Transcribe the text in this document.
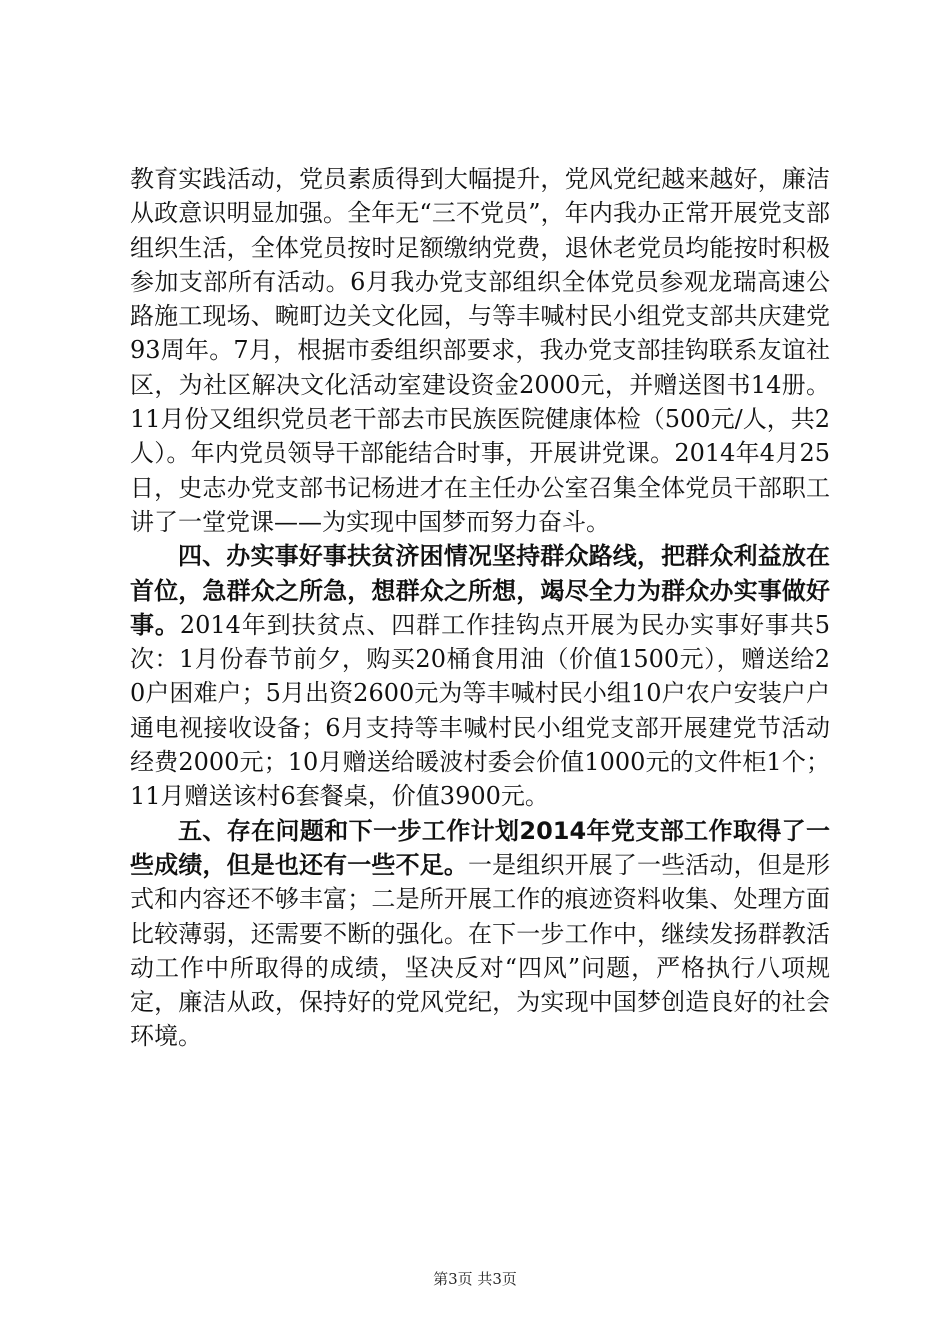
教育实践活动，党员素质得到大幅提升，党风党纪越来越好，廉洁从政意识明显加强。全年无“三不党员”，年内我办正常开展党支部组织生活，全体党员按时足额缴纳党费，退休老党员均能按时积极参加支部所有活动。6月我办党支部组织全体党员参观龙瑞高速公路施工现场、畹町边关文化园，与等丰喊村民小组党支部共庆建党93周年。7月，根据市委组织部要求，我办党支部挂钩联系友谊社区，为社区解决文化活动室建设资金2000元，并赠送图书14册。11月份又组织党员老干部去市民族医院健康体检（500元/人，共2人）。年内党员领导干部能结合时事，开展讲党课。2014年4月25日，史志办党支部书记杨进才在主任办公室召集全体党员干部职工讲了一堂党课——为实现中国梦而努力奋斗。

四、办实事好事扶贫济困情况坚持群众路线，把群众利益放在首位，急群众之所急，想群众之所想，竭尽全力为群众办实事做好事。2014年到扶贫点、四群工作挂钩点开展为民办实事好事共5次：1月份春节前夕，购买20桶食用油（价值1500元），赠送给20户困难户；5月出资2600元为等丰喊村民小组10户农户安装户户通电视接收设备；6月支持等丰喊村民小组党支部开展建党节活动经费2000元；10月赠送给暖波村委会价值1000元的文件柜1个；11月赠送该村6套餐桌，价值3900元。

五、存在问题和下一步工作计划2014年党支部工作取得了一些成绩，但是也还有一些不足。一是组织开展了一些活动，但是形式和内容还不够丰富；二是所开展工作的痕迹资料收集、处理方面比较薄弱，还需要不断的强化。在下一步工作中，继续发扬群教活动工作中所取得的成绩，坚决反对“四风”问题，严格执行八项规定，廉洁从政，保持好的党风党纪，为实现中国梦创造良好的社会环境。

第3页 共3页
